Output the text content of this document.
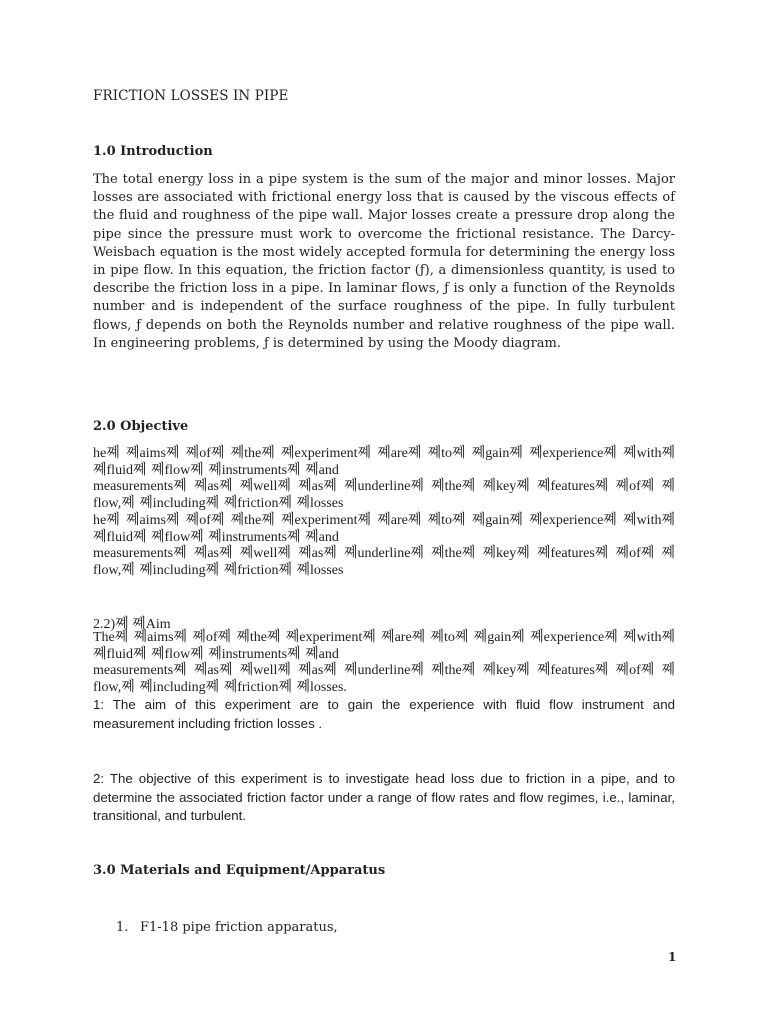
FRICTION LOSSES IN PIPE
1.0 Introduction

The total energy loss in a pipe system is the sum of the major and minor losses. Major losses are associated with frictional energy loss that is caused by the viscous effects of the fluid and roughness of the pipe wall. Major losses create a pressure drop along the pipe since the pressure must work to overcome the frictional resistance. The Darcy-Weisbach equation is the most widely accepted formula for determining the energy loss in pipe flow. In this equation, the friction factor (ƒ), a dimensionless quantity, is used to describe the friction loss in a pipe. In laminar flows, ƒ is only a function of the Reynolds number and is independent of the surface roughness of the pipe. In fully turbulent flows, ƒ depends on both the Reynolds number and relative roughness of the pipe wall. In engineering problems, ƒ is determined by using the Moody diagram.

2.0 Objective

he쪠 쪠aims쪠 쪠of쪠 쪠the쪠 쪠experiment쪠 쪠are쪠 쪠to쪠 쪠gain쪠 쪠experience쪠 쪠with쪠 쪠fluid쪠 쪠flow쪠 쪠instruments쪠 쪠and

measurements쪠 쪠as쪠 쪠well쪠 쪠as쪠 쪠underline쪠 쪠the쪠 쪠key쪠 쪠features쪠 쪠of쪠 쪠flow,쪠 쪠including쪠 쪠friction쪠 쪠losses

he쪠 쪠aims쪠 쪠of쪠 쪠the쪠 쪠experiment쪠 쪠are쪠 쪠to쪠 쪠gain쪠 쪠experience쪠 쪠with쪠 쪠fluid쪠 쪠flow쪠 쪠instruments쪠 쪠and

measurements쪠 쪠as쪠 쪠well쪠 쪠as쪠 쪠underline쪠 쪠the쪠 쪠key쪠 쪠features쪠 쪠of쪠 쪠flow,쪠 쪠including쪠 쪠friction쪠 쪠losses

2.2)쪠 쪠Aim

The쪠 쪠aims쪠 쪠of쪠 쪠the쪠 쪠experiment쪠 쪠are쪠 쪠to쪠 쪠gain쪠 쪠experience쪠 쪠with쪠 쪠fluid쪠 쪠flow쪠 쪠instruments쪠 쪠and

measurements쪠 쪠as쪠 쪠well쪠 쪠as쪠 쪠underline쪠 쪠the쪠 쪠key쪠 쪠features쪠 쪠of쪠 쪠flow,쪠 쪠including쪠 쪠friction쪠 쪠losses.

1: The aim of this experiment are to gain the experience with fluid flow instrument and measurement including friction losses .

2: The objective of this experiment is to investigate head loss due to friction in a pipe, and to determine the associated friction factor under a range of flow rates and flow regimes, i.e., laminar, transitional, and turbulent.

3.0 Materials and Equipment/Apparatus
1. F1-18 pipe friction apparatus,
1
